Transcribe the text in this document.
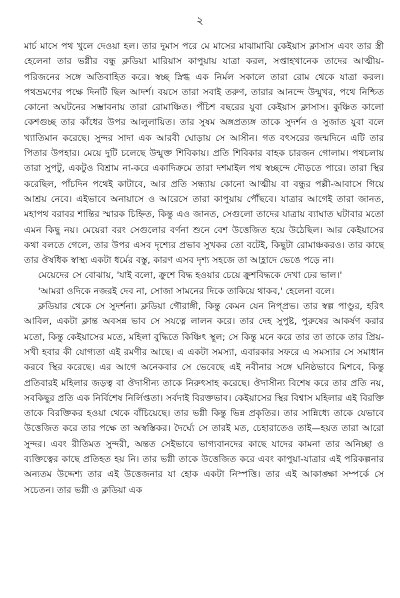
২

মার্চ মাসে পথ খুলে দেওয়া হল। তার দুমাস পরে মে মাসের মাঝামাঝি কেইয়াস ক্লাসাস এবং তার স্ত্রী হেলেনা তার ভগ্নীর বন্ধু ক্লডিয়া মারিয়াস কাপুয়ায় যাত্রা করল, সপ্তাহখানেক তাদের আত্মীয়-পরিজনের সঙ্গে অতিবাহিত করে। স্বচ্ছ স্নিগ্ধ এক নির্মল সকালে তারা রোম থেকে যাত্রা করল। পথভ্রমণের পক্ষে দিনটি ছিল আদর্শ। বয়সে তারা সবাই তরুণ, তারার আনন্দে উন্মুখর, পথে নিশ্চিত কোনো অঘটনের সম্ভাবনায় তারা রোমাঞ্চিত। পঁচিশ বছরের যুবা কেইয়াস ক্লাসাস। কুঞ্চিত কালো কেশগুচ্ছ তার কাঁধের উপর আলুলায়িত। তার সুষম অঙ্গপ্রত্যঙ্গ তাকে সুদর্শন ও সুজাত যুবা বলে খ্যাতিমান করেছে। সুন্দর সাদা এক আরবী ঘোড়ায় সে আসীন। গত বৎসরের জন্মদিনে এটি তার পিতার উপহার। মেয়ে দুটি চলেছে উন্মুক্ত শিবিকায়। প্রতি শিবিকার বাহক চারজন গোলাম। পথচলায় তারা সুপটু, একটুও বিশ্রাম না-করে একাদিক্রমে তারা দশমাইল পথ স্বচ্ছন্দে দৌড়তে পারে। তারা স্থির করেছিল, পাঁচদিন পথেই কাটাবে, আর প্রতি সন্ধ্যায় কোনো আত্মীয় বা বন্ধুর পল্লী-আবাসে গিয়ে আশ্রয় নেবে। এইভাবে অনায়াসে ও আরেসে তারা কাপুয়ায় পৌঁছবে। যাত্রার আগেই তারা জানত, মহাপথ বরাবর শান্তির স্মারক চিহ্নিত, কিন্তু এও জানত, সেগুলো তাদের যাত্রায় ব্যাঘাত ঘটাবার মতো এমন কিছু নয়। মেয়েরা বরং সেগুলোর বর্ণনা শুনে বেশ উত্তেজিত হয়ে উঠেছিল। আর কেইয়াসের কথা বলতে গেলে, তার উপর এসব দৃশ্যের প্রভাব সুখকর তো বটেই, কিছুটা রোমাঞ্চকরও। তার কাছে তার ঔষধিক স্বাস্থ্য একটা ধর্মের বস্তু, কারণ এসব দৃশ্য সহজে তা আহ্লাদে ভেঙে পড়ে না।

মেয়েদের সে বোঝায়, 'যাই বলো, ক্রুশে বিদ্ধ হওয়ার চেয়ে ক্রুশবিদ্ধকে দেখা ঢের ভাল।'

'আমরা ওদিকে নজরই দেব না, সোজা সামনের দিকে তাকিয়ে থাকব,' হেলেনা বলে।

ক্লডিয়ার থেকে সে সুদর্শনা। ক্লডিয়া গৌরাঙ্গী, কিন্তু কেমন যেন নিপ্প্রভ। তার স্বল্প পাণ্ডুর, হরিৎ আবিল, একটা ক্লান্ত অবসন্ন ভাব সে সযত্নে লালন করে। তার দেহ সুপুষ্ট, পুরুষের আকর্ষণ করার মতো, কিন্তু কেইয়াসের মতে, মহিলা বুদ্ধিতে কিঞ্চিৎ স্থূল; সে কিন্তু মনে করে তার তা তাকে তার প্রিয়-সখী হবার কী যোগ্যতা এই রমণীর আছে। এ একটা সমস্যা, এবারকার সফরে এ সমস্যার সে সমাধান করবে স্থির করেছে। এর আগে অনেকবার সে ভেবেছে এই নবীনার সঙ্গে ঘনিষ্ঠভাবে মিশবে, কিন্তু প্রতিবারই মহিলার জড়ত্ব বা ঔদাসীন্য তাকে নিরুৎসাহ করেছে। ঔদাসীন্য বিশেষ করে তার প্রতি নয়, সবকিছুর প্রতি এক নির্বিশেষ নির্লিপ্ততা। সর্বদাই বিরক্তভাব। কেইয়াসের স্থির বিশ্বাস মহিলার এই বিরক্তি তাকে বিরক্তিকর হওয়া থেকে বাঁচিয়েছে। তার ভগ্নী কিন্তু ভিন্ন প্রকৃতির। তার সান্নিধ্যে তাকে যেভাবে উত্তেজিত করে তার পক্ষে তা অস্বস্তিকর। দৈর্ঘ্যে সে তারই মত, চেহারাতেও তাই—হয়ত তারা আরো সুন্দর। এবং রীতিমত সুন্দরী, অন্তত সেইভাবে ভাগ্যবানদের কাছে যাদের কামনা তার অনিচ্ছা ও ব্যক্তিত্বের কাছে প্রতিহত হয় নি। তার ভগ্নী তাকে উত্তেজিত করে এবং কাপুয়া-যাত্রার এই পরিকল্পনার অন্যতম উদ্দেশ্য তার এই উত্তেজনার যা হোক একটা নিস্পত্তি। তার এই আকাঙ্ক্ষা সম্পর্কে সে সচেতন। তার ভগ্নী ও ক্লডিয়া এক
